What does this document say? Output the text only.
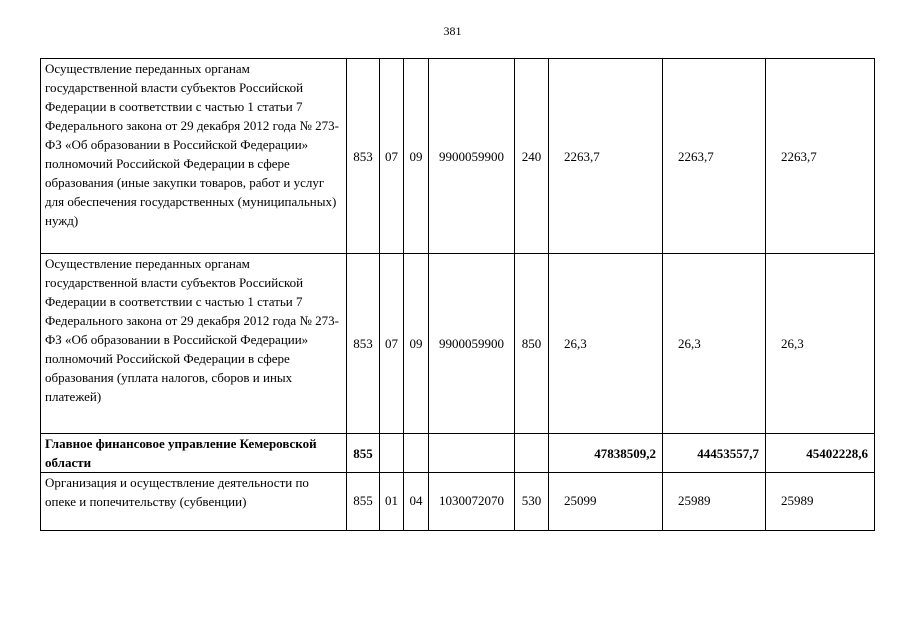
381
Осуществление переданных органам государственной власти субъектов Российской Федерации в соответствии с частью 1 статьи 7 Федерального закона от 29 декабря 2012 года № 273-ФЗ «Об образовании в Российской Федерации» полномочий Российской Федерации в сфере образования (иные закупки товаров, работ и услуг для обеспечения государственных (муниципальных) нужд)	853	07	09	9900059900	240	2263,7	2263,7	2263,7
Осуществление переданных органам государственной власти субъектов Российской Федерации в соответствии с частью 1 статьи 7 Федерального закона от 29 декабря 2012 года № 273-ФЗ «Об образовании в Российской Федерации» полномочий Российской Федерации в сфере образования (уплата налогов, сборов и иных платежей)	853	07	09	9900059900	850	26,3	26,3	26,3
Главное финансовое управление Кемеровской области	855					47838509,2	44453557,7	45402228,6
Организация и осуществление деятельности по опеке и попечительству (субвенции)	855	01	04	1030072070	530	25099	25989	25989
